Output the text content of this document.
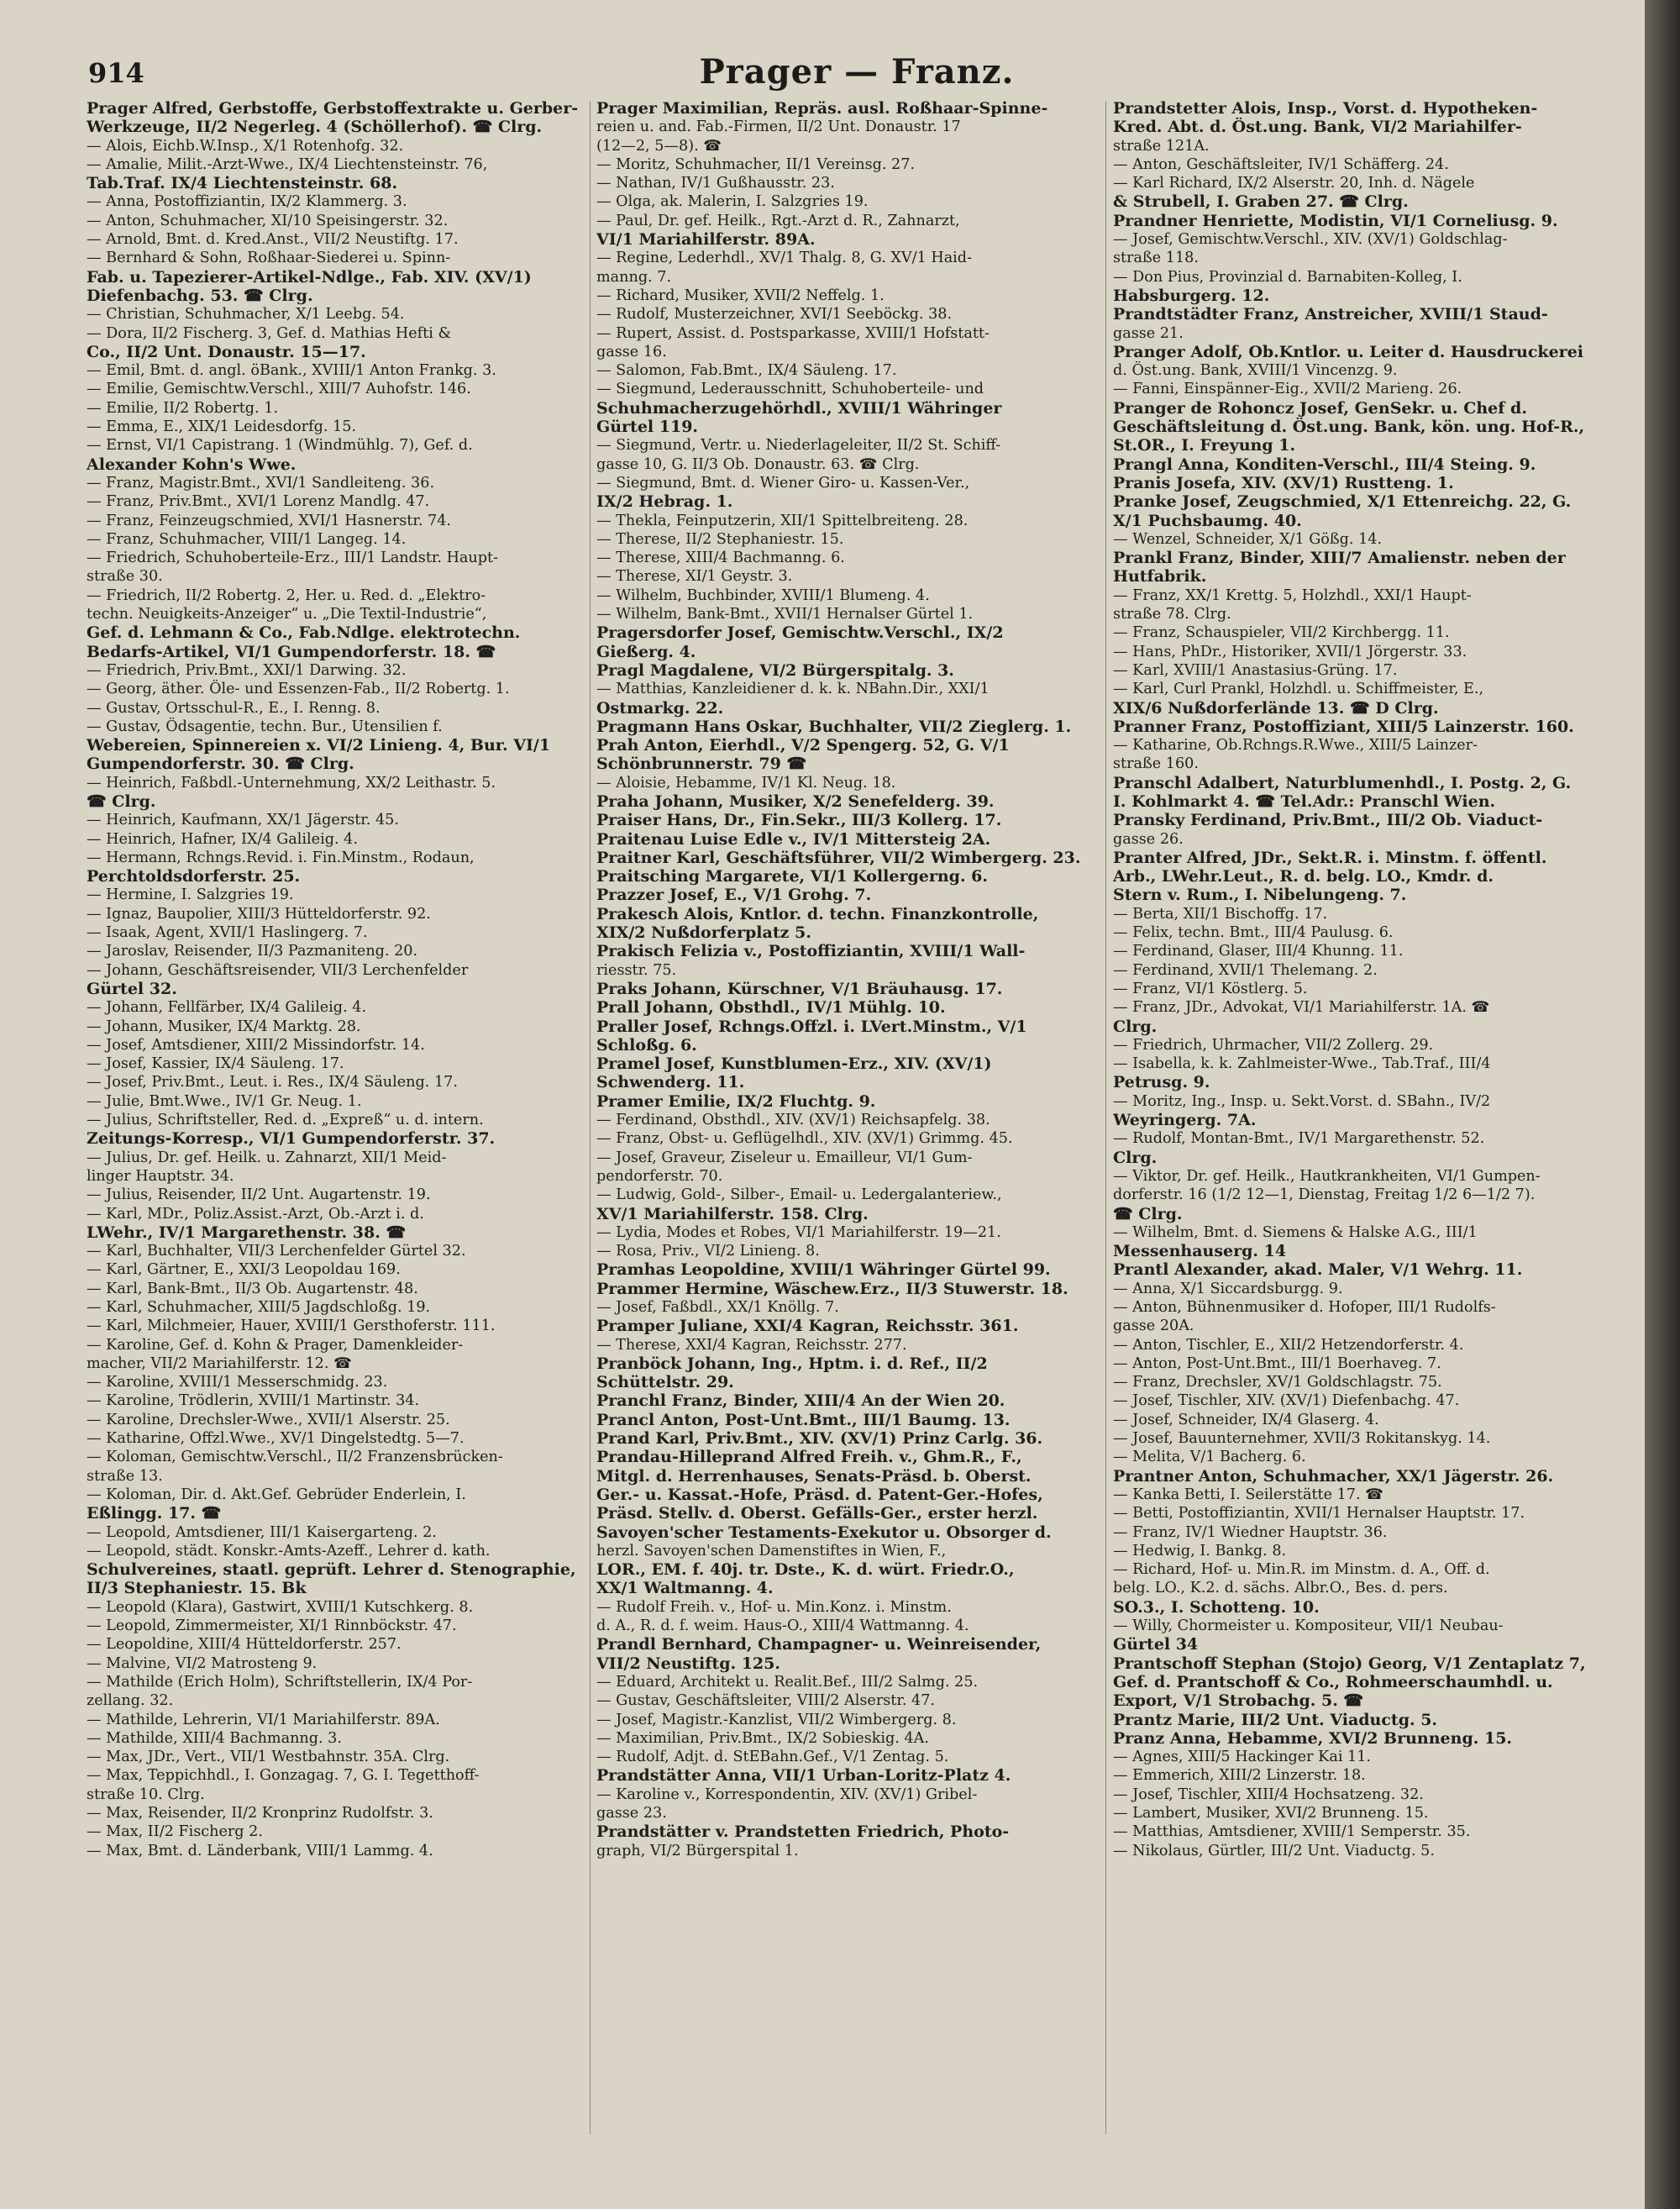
914	Prager — Franz.
Prager Alfred, Gerbstoffe, Gerbstoffextrakte u. Gerber-
Werkzeuge, II/2 Negerleg. 4 (Schöllerhof). ☎ Clrg.
— Alois, Eichb.W.Insp., X/1 Rotenhofg. 32.
— Amalie, Milit.-Arzt-Wwe., IX/4 Liechtensteinstr. 76,
Tab.Traf. IX/4 Liechtensteinstr. 68.
— Anna, Postoffiziantin, IX/2 Klammerg. 3.
— Anton, Schuhmacher, XI/10 Speisingerstr. 32.
— Arnold, Bmt. d. Kred.Anst., VII/2 Neustiftg. 17.
— Bernhard & Sohn, Roßhaar-Siederei u. Spinn-
Fab. u. Tapezierer-Artikel-Ndlge., Fab. XIV. (XV/1)
Diefenbachg. 53. ☎ Clrg.
— Christian, Schuhmacher, X/1 Leebg. 54.
— Dora, II/2 Fischerg. 3, Gef. d. Mathias Hefti &
Co., II/2 Unt. Donaustr. 15—17.
— Emil, Bmt. d. angl. öBank., XVIII/1 Anton Frankg. 3.
— Emilie, Gemischtw.Verschl., XIII/7 Auhofstr. 146.
— Emilie, II/2 Robertg. 1.
— Emma, E., XIX/1 Leidesdorfg. 15.
— Ernst, VI/1 Capistrang. 1 (Windmühlg. 7), Gef. d.
Alexander Kohn's Wwe.
— Franz, Magistr.Bmt., XVI/1 Sandleiteng. 36.
— Franz, Priv.Bmt., XVI/1 Lorenz Mandlg. 47.
— Franz, Feinzeugschmied, XVI/1 Hasnerstr. 74.
— Franz, Schuhmacher, VIII/1 Langeg. 14.
— Friedrich, Schuhoberteile-Erz., III/1 Landstr. Haupt-
straße 30.
— Friedrich, II/2 Robertg. 2, Her. u. Red. d. „Elektro-
techn. Neuigkeits-Anzeiger“ u. „Die Textil-Industrie“,
Gef. d. Lehmann & Co., Fab.Ndlge. elektrotechn.
Bedarfs-Artikel, VI/1 Gumpendorferstr. 18. ☎
— Friedrich, Priv.Bmt., XXI/1 Darwing. 32.
— Georg, äther. Öle- und Essenzen-Fab., II/2 Robertg. 1.
— Gustav, Ortsschul-R., E., I. Renng. 8.
— Gustav, Ödsagentie, techn. Bur., Utensilien f.
Webereien, Spinnereien x. VI/2 Linieng. 4, Bur. VI/1
Gumpendorferstr. 30. ☎ Clrg.
— Heinrich, Faßbdl.-Unternehmung, XX/2 Leithastr. 5.
☎ Clrg.
— Heinrich, Kaufmann, XX/1 Jägerstr. 45.
— Heinrich, Hafner, IX/4 Galileig. 4.
— Hermann, Rchngs.Revid. i. Fin.Minstm., Rodaun,
Perchtoldsdorferstr. 25.
— Hermine, I. Salzgries 19.
— Ignaz, Baupolier, XIII/3 Hütteldorferstr. 92.
— Isaak, Agent, XVII/1 Haslingerg. 7.
— Jaroslav, Reisender, II/3 Pazmaniteng. 20.
— Johann, Geschäftsreisender, VII/3 Lerchenfelder
Gürtel 32.
— Johann, Fellfärber, IX/4 Galileig. 4.
— Johann, Musiker, IX/4 Marktg. 28.
— Josef, Amtsdiener, XIII/2 Missindorfstr. 14.
— Josef, Kassier, IX/4 Säuleng. 17.
— Josef, Priv.Bmt., Leut. i. Res., IX/4 Säuleng. 17.
— Julie, Bmt.Wwe., IV/1 Gr. Neug. 1.
— Julius, Schriftsteller, Red. d. „Expreß“ u. d. intern.
Zeitungs-Korresp., VI/1 Gumpendorferstr. 37.
— Julius, Dr. gef. Heilk. u. Zahnarzt, XII/1 Meid-
linger Hauptstr. 34.
— Julius, Reisender, II/2 Unt. Augartenstr. 19.
— Karl, MDr., Poliz.Assist.-Arzt, Ob.-Arzt i. d.
LWehr., IV/1 Margarethenstr. 38. ☎
— Karl, Buchhalter, VII/3 Lerchenfelder Gürtel 32.
— Karl, Gärtner, E., XXI/3 Leopoldau 169.
— Karl, Bank-Bmt., II/3 Ob. Augartenstr. 48.
— Karl, Schuhmacher, XIII/5 Jagdschloßg. 19.
— Karl, Milchmeier, Hauer, XVIII/1 Gersthoferstr. 111.
— Karoline, Gef. d. Kohn & Prager, Damenkleider-
macher, VII/2 Mariahilferstr. 12. ☎
— Karoline, XVIII/1 Messerschmidg. 23.
— Karoline, Trödlerin, XVIII/1 Martinstr. 34.
— Karoline, Drechsler-Wwe., XVII/1 Alserstr. 25.
— Katharine, Offzl.Wwe., XV/1 Dingelstedtg. 5—7.
— Koloman, Gemischtw.Verschl., II/2 Franzensbrücken-
straße 13.
— Koloman, Dir. d. Akt.Gef. Gebrüder Enderlein, I.
Eßlingg. 17. ☎
— Leopold, Amtsdiener, III/1 Kaisergarteng. 2.
— Leopold, städt. Konskr.-Amts-Azeff., Lehrer d. kath.
Schulvereines, staatl. geprüft. Lehrer d. Stenographie,
II/3 Stephaniestr. 15. Bk
— Leopold (Klara), Gastwirt, XVIII/1 Kutschkerg. 8.
— Leopold, Zimmermeister, XI/1 Rinnböckstr. 47.
— Leopoldine, XIII/4 Hütteldorferstr. 257.
— Malvine, VI/2 Matrosteng 9.
— Mathilde (Erich Holm), Schriftstellerin, IX/4 Por-
zellang. 32.
— Mathilde, Lehrerin, VI/1 Mariahilferstr. 89A.
— Mathilde, XIII/4 Bachmanng. 3.
— Max, JDr., Vert., VII/1 Westbahnstr. 35A. Clrg.
— Max, Teppichhdl., I. Gonzagag. 7, G. I. Tegetthoff-
straße 10. Clrg.
— Max, Reisender, II/2 Kronprinz Rudolfstr. 3.
— Max, II/2 Fischerg 2.
— Max, Bmt. d. Länderbank, VIII/1 Lammg. 4.
Prager Maximilian, Repräs. ausl. Roßhaar-Spinne-
reien u. and. Fab.-Firmen, II/2 Unt. Donaustr. 17
(12—2, 5—8). ☎
— Moritz, Schuhmacher, II/1 Vereinsg. 27.
— Nathan, IV/1 Gußhausstr. 23.
— Olga, ak. Malerin, I. Salzgries 19.
— Paul, Dr. gef. Heilk., Rgt.-Arzt d. R., Zahnarzt,
VI/1 Mariahilferstr. 89A.
— Regine, Lederhdl., XV/1 Thalg. 8, G. XV/1 Haid-
manng. 7.
— Richard, Musiker, XVII/2 Neffelg. 1.
— Rudolf, Musterzeichner, XVI/1 Seeböckg. 38.
— Rupert, Assist. d. Postsparkasse, XVIII/1 Hofstatt-
gasse 16.
— Salomon, Fab.Bmt., IX/4 Säuleng. 17.
— Siegmund, Lederausschnitt, Schuhoberteile- und
Schuhmacherzugehörhdl., XVIII/1 Währinger
Gürtel 119.
— Siegmund, Vertr. u. Niederlageleiter, II/2 St. Schiff-
gasse 10, G. II/3 Ob. Donaustr. 63. ☎ Clrg.
— Siegmund, Bmt. d. Wiener Giro- u. Kassen-Ver.,
IX/2 Hebrag. 1.
— Thekla, Feinputzerin, XII/1 Spittelbreiteng. 28.
— Therese, II/2 Stephaniestr. 15.
— Therese, XIII/4 Bachmanng. 6.
— Therese, XI/1 Geystr. 3.
— Wilhelm, Buchbinder, XVIII/1 Blumeng. 4.
— Wilhelm, Bank-Bmt., XVII/1 Hernalser Gürtel 1.
Pragersdorfer Josef, Gemischtw.Verschl., IX/2
Gießerg. 4.
Pragl Magdalene, VI/2 Bürgerspitalg. 3.
— Matthias, Kanzleidiener d. k. k. NBahn.Dir., XXI/1
Ostmarkg. 22.
Pragmann Hans Oskar, Buchhalter, VII/2 Zieglerg. 1.
Prah Anton, Eierhdl., V/2 Spengerg. 52, G. V/1
Schönbrunnerstr. 79 ☎
— Aloisie, Hebamme, IV/1 Kl. Neug. 18.
Praha Johann, Musiker, X/2 Senefelderg. 39.
Praiser Hans, Dr., Fin.Sekr., III/3 Kollerg. 17.
Praitenau Luise Edle v., IV/1 Mittersteig 2A.
Praitner Karl, Geschäftsführer, VII/2 Wimbergerg. 23.
Praitsching Margarete, VI/1 Kollergerng. 6.
Prazzer Josef, E., V/1 Grohg. 7.
Prakesch Alois, Kntlor. d. techn. Finanzkontrolle,
XIX/2 Nußdorferplatz 5.
Prakisch Felizia v., Postoffiziantin, XVIII/1 Wall-
riesstr. 75.
Praks Johann, Kürschner, V/1 Bräuhausg. 17.
Prall Johann, Obsthdl., IV/1 Mühlg. 10.
Praller Josef, Rchngs.Offzl. i. LVert.Minstm., V/1
Schloßg. 6.
Pramel Josef, Kunstblumen-Erz., XIV. (XV/1)
Schwenderg. 11.
Pramer Emilie, IX/2 Fluchtg. 9.
— Ferdinand, Obsthdl., XIV. (XV/1) Reichsapfelg. 38.
— Franz, Obst- u. Geflügelhdl., XIV. (XV/1) Grimmg. 45.
— Josef, Graveur, Ziseleur u. Emailleur, VI/1 Gum-
pendorferstr. 70.
— Ludwig, Gold-, Silber-, Email- u. Ledergalanteriew.,
XV/1 Mariahilferstr. 158. Clrg.
— Lydia, Modes et Robes, VI/1 Mariahilferstr. 19—21.
— Rosa, Priv., VI/2 Linieng. 8.
Pramhas Leopoldine, XVIII/1 Währinger Gürtel 99.
Prammer Hermine, Wäschew.Erz., II/3 Stuwerstr. 18.
— Josef, Faßbdl., XX/1 Knöllg. 7.
Pramper Juliane, XXI/4 Kagran, Reichsstr. 361.
— Therese, XXI/4 Kagran, Reichsstr. 277.
Pranböck Johann, Ing., Hptm. i. d. Ref., II/2
Schüttelstr. 29.
Pranchl Franz, Binder, XIII/4 An der Wien 20.
Prancl Anton, Post-Unt.Bmt., III/1 Baumg. 13.
Prand Karl, Priv.Bmt., XIV. (XV/1) Prinz Carlg. 36.
Prandau-Hilleprand Alfred Freih. v., Ghm.R., F.,
Mitgl. d. Herrenhauses, Senats-Präsd. b. Oberst.
Ger.- u. Kassat.-Hofe, Präsd. d. Patent-Ger.-Hofes,
Präsd. Stellv. d. Oberst. Gefälls-Ger., erster herzl.
Savoyen'scher Testaments-Exekutor u. Obsorger d.
herzl. Savoyen'schen Damenstiftes in Wien, F.,
LOR., EM. f. 40j. tr. Dste., K. d. würt. Friedr.O.,
XX/1 Waltmanng. 4.
— Rudolf Freih. v., Hof- u. Min.Konz. i. Minstm.
d. A., R. d. f. weim. Haus-O., XIII/4 Wattmanng. 4.
Prandl Bernhard, Champagner- u. Weinreisender,
VII/2 Neustiftg. 125.
— Eduard, Architekt u. Realit.Bef., III/2 Salmg. 25.
— Gustav, Geschäftsleiter, VIII/2 Alserstr. 47.
— Josef, Magistr.-Kanzlist, VII/2 Wimbergerg. 8.
— Maximilian, Priv.Bmt., IX/2 Sobieskig. 4A.
— Rudolf, Adjt. d. StEBahn.Gef., V/1 Zentag. 5.
Prandstätter Anna, VII/1 Urban-Loritz-Platz 4.
— Karoline v., Korrespondentin, XIV. (XV/1) Gribel-
gasse 23.
Prandstätter v. Prandstetten Friedrich, Photo-
graph, VI/2 Bürgerspital 1.
Prandstetter Alois, Insp., Vorst. d. Hypotheken-
Kred. Abt. d. Öst.ung. Bank, VI/2 Mariahilfer-
straße 121A.
— Anton, Geschäftsleiter, IV/1 Schäfferg. 24.
— Karl Richard, IX/2 Alserstr. 20, Inh. d. Nägele
& Strubell, I. Graben 27. ☎ Clrg.
Prandner Henriette, Modistin, VI/1 Corneliusg. 9.
— Josef, Gemischtw.Verschl., XIV. (XV/1) Goldschlag-
straße 118.
— Don Pius, Provinzial d. Barnabiten-Kolleg, I.
Habsburgerg. 12.
Prandtstädter Franz, Anstreicher, XVIII/1 Staud-
gasse 21.
Pranger Adolf, Ob.Kntlor. u. Leiter d. Hausdruckerei
d. Öst.ung. Bank, XVIII/1 Vincenzg. 9.
— Fanni, Einspänner-Eig., XVII/2 Marieng. 26.
Pranger de Rohoncz Josef, GenSekr. u. Chef d.
Geschäftsleitung d. Öst.ung. Bank, kön. ung. Hof-R.,
St.OR., I. Freyung 1.
Prangl Anna, Konditen-Verschl., III/4 Steing. 9.
Pranis Josefa, XIV. (XV/1) Rustteng. 1.
Pranke Josef, Zeugschmied, X/1 Ettenreichg. 22, G.
X/1 Puchsbaumg. 40.
— Wenzel, Schneider, X/1 Gößg. 14.
Prankl Franz, Binder, XIII/7 Amalienstr. neben der
Hutfabrik.
— Franz, XX/1 Krettg. 5, Holzhdl., XXI/1 Haupt-
straße 78. Clrg.
— Franz, Schauspieler, VII/2 Kirchbergg. 11.
— Hans, PhDr., Historiker, XVII/1 Jörgerstr. 33.
— Karl, XVIII/1 Anastasius-Grüng. 17.
— Karl, Curl Prankl, Holzhdl. u. Schiffmeister, E.,
XIX/6 Nußdorferlände 13. ☎ D Clrg.
Pranner Franz, Postoffiziant, XIII/5 Lainzerstr. 160.
— Katharine, Ob.Rchngs.R.Wwe., XIII/5 Lainzer-
straße 160.
Pranschl Adalbert, Naturblumenhdl., I. Postg. 2, G.
I. Kohlmarkt 4. ☎ Tel.Adr.: Pranschl Wien.
Pransky Ferdinand, Priv.Bmt., III/2 Ob. Viaduct-
gasse 26.
Pranter Alfred, JDr., Sekt.R. i. Minstm. f. öffentl.
Arb., LWehr.Leut., R. d. belg. LO., Kmdr. d.
Stern v. Rum., I. Nibelungeng. 7.
— Berta, XII/1 Bischoffg. 17.
— Felix, techn. Bmt., III/4 Paulusg. 6.
— Ferdinand, Glaser, III/4 Khunng. 11.
— Ferdinand, XVII/1 Thelemang. 2.
— Franz, VI/1 Köstlerg. 5.
— Franz, JDr., Advokat, VI/1 Mariahilferstr. 1A. ☎
Clrg.
— Friedrich, Uhrmacher, VII/2 Zollerg. 29.
— Isabella, k. k. Zahlmeister-Wwe., Tab.Traf., III/4
Petrusg. 9.
— Moritz, Ing., Insp. u. Sekt.Vorst. d. SBahn., IV/2
Weyringerg. 7A.
— Rudolf, Montan-Bmt., IV/1 Margarethenstr. 52.
Clrg.
— Viktor, Dr. gef. Heilk., Hautkrankheiten, VI/1 Gumpen-
dorferstr. 16 (1/2 12—1, Dienstag, Freitag 1/2 6—1/2 7).
☎ Clrg.
— Wilhelm, Bmt. d. Siemens & Halske A.G., III/1
Messenhauserg. 14
Prantl Alexander, akad. Maler, V/1 Wehrg. 11.
— Anna, X/1 Siccardsburgg. 9.
— Anton, Bühnenmusiker d. Hofoper, III/1 Rudolfs-
gasse 20A.
— Anton, Tischler, E., XII/2 Hetzendorferstr. 4.
— Anton, Post-Unt.Bmt., III/1 Boerhaveg. 7.
— Franz, Drechsler, XV/1 Goldschlagstr. 75.
— Josef, Tischler, XIV. (XV/1) Diefenbachg. 47.
— Josef, Schneider, IX/4 Glaserg. 4.
— Josef, Bauunternehmer, XVII/3 Rokitanskyg. 14.
— Melita, V/1 Bacherg. 6.
Prantner Anton, Schuhmacher, XX/1 Jägerstr. 26.
— Kanka Betti, I. Seilerstätte 17. ☎
— Betti, Postoffiziantin, XVII/1 Hernalser Hauptstr. 17.
— Franz, IV/1 Wiedner Hauptstr. 36.
— Hedwig, I. Bankg. 8.
— Richard, Hof- u. Min.R. im Minstm. d. A., Off. d.
belg. LO., K.2. d. sächs. Albr.O., Bes. d. pers.
SO.3., I. Schotteng. 10.
— Willy, Chormeister u. Kompositeur, VII/1 Neubau-
Gürtel 34
Prantschoff Stephan (Stojo) Georg, V/1 Zentaplatz 7,
Gef. d. Prantschoff & Co., Rohmeerschaumhdl. u.
Export, V/1 Strobachg. 5. ☎
Prantz Marie, III/2 Unt. Viaductg. 5.
Pranz Anna, Hebamme, XVI/2 Brunneng. 15.
— Agnes, XIII/5 Hackinger Kai 11.
— Emmerich, XIII/2 Linzerstr. 18.
— Josef, Tischler, XIII/4 Hochsatzeng. 32.
— Lambert, Musiker, XVI/2 Brunneng. 15.
— Matthias, Amtsdiener, XVIII/1 Semperstr. 35.
— Nikolaus, Gürtler, III/2 Unt. Viaductg. 5.
